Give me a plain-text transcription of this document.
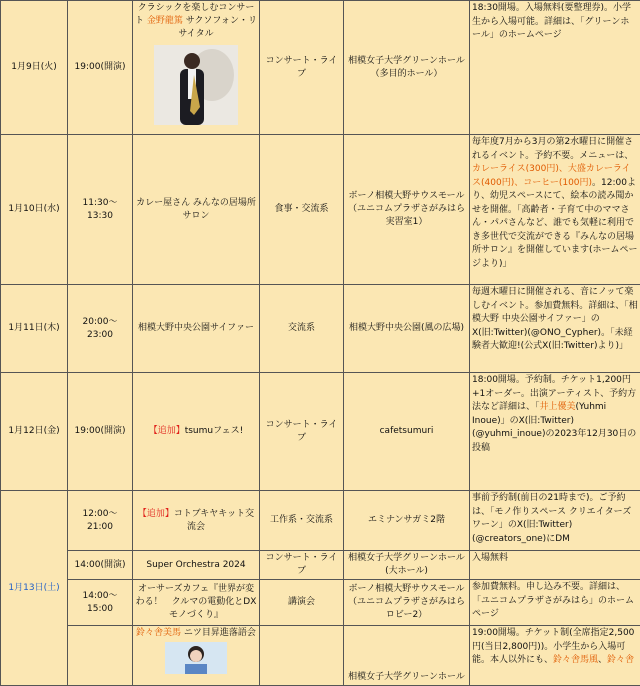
1月9日(火)	19:00(開演)	クラシックを楽しむコンサート 金野龍篤 サクソフォン・リサイタル	コンサート・ライブ	相模女子大学グリーンホール（多目的ホール）	18:30開場。入場無料(要整理券)。小学生から入場可能。詳細は、「グリーンホール」のホームページ
1月10日(水)	11:30～13:30	カレー屋さん みんなの居場所サロン	食事・交流系	ボーノ相模大野サウスモール（ユニコムプラザさがみはら実習室1）	毎年度7月から3月の第2水曜日に開催されるイベント。予約不要。メニューは、カレーライス(300円)、大盛カレーライス(400円)、コーヒー(100円)。12:00より、幼児スペースにて、絵本の読み聞かせを開催。「高齢者・子育て中のママさん・パパさんなど、誰でも気軽に利用でき多世代で交流ができる『みんなの居場所サロン』を開催しています(ホームページより)」
1月11日(木)	20:00～23:00	相模大野中央公園サイファー	交流系	相模大野中央公園(風の広場)	毎週木曜日に開催される、音にノッて楽しむイベント。参加費無料。詳細は、「相模大野 中央公園サイファー」のX(旧:Twitter)(@ONO_Cypher)。「未経験者大歓迎!(公式X(旧:Twitter)より)」
1月12日(金)	19:00(開演)	【追加】tsumuフェス!	コンサート・ライブ	cafetsumuri	18:00開場。予約制。チケット1,200円+1オーダー。出演アーティスト、予約方法など詳細は、「井上優美(Yuhmi Inoue)」のX(旧:Twitter)(@yuhmi_inoue)の2023年12月30日の投稿
1月13日(土)	12:00～21:00	【追加】コトブキヤキット交流会	工作系・交流系	エミナンサガミ2階	事前予約制(前日の21時まで)。ご予約は、「モノ作りスペース クリエイターズワーン」のX(旧:Twitter)(@creators_one)にDM
	14:00(開演)	Super Orchestra 2024	コンサート・ライブ	相模女子大学グリーンホール(大ホール)	入場無料
	14:00～15:00	オーサーズカフェ『世界が変わる！　クルマの電動化とDXモノづくり』	講演会	ボーノ相模大野サウスモール（ユニコムプラザさがみはらロビー2）	参加費無料。申し込み不要。詳細は、「ユニコムプラザさがみはら」のホームページ
		鈴々舎美馬 ニツ目昇進落語会		相模女子大学グリーンホール	19:00開場。チケット制(全席指定2,500円(当日2,800円))。小学生から入場可能。本人以外にも、鈴々舎馬風、鈴々舎
